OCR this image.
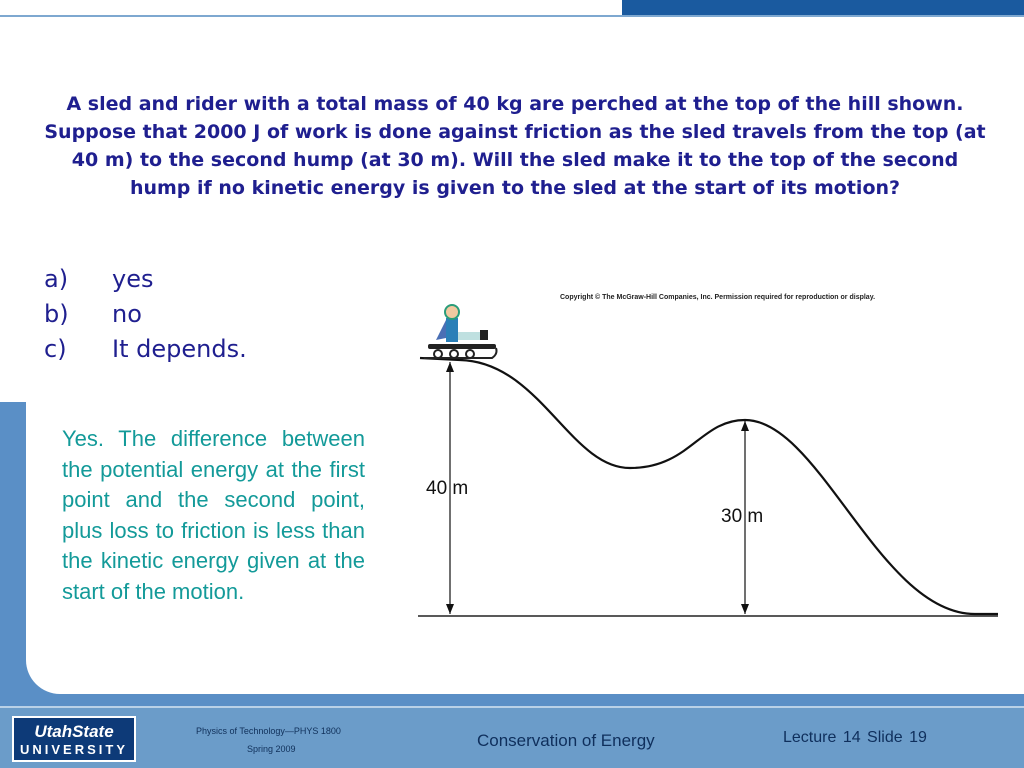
A sled and rider with a total mass of 40 kg are perched at the top of the hill shown. Suppose that 2000 J of work is done against friction as the sled travels from the top (at 40 m) to the second hump (at 30 m). Will the sled make it to the top of the second hump if no kinetic energy is given to the sled at the start of its motion?
a)	yes
b)	no
c)	It depends.
Yes. The difference between the potential energy at the first point and the second point, plus loss to friction is less than the kinetic energy given at the start of the motion.
Copyright © The McGraw-Hill Companies, Inc. Permission required for reproduction or display.
40 m
30 m
UtahState
UNIVERSITY
Physics of Technology—PHYS 1800
Spring 2009	Conservation of Energy	Lecture 14 Slide 19
